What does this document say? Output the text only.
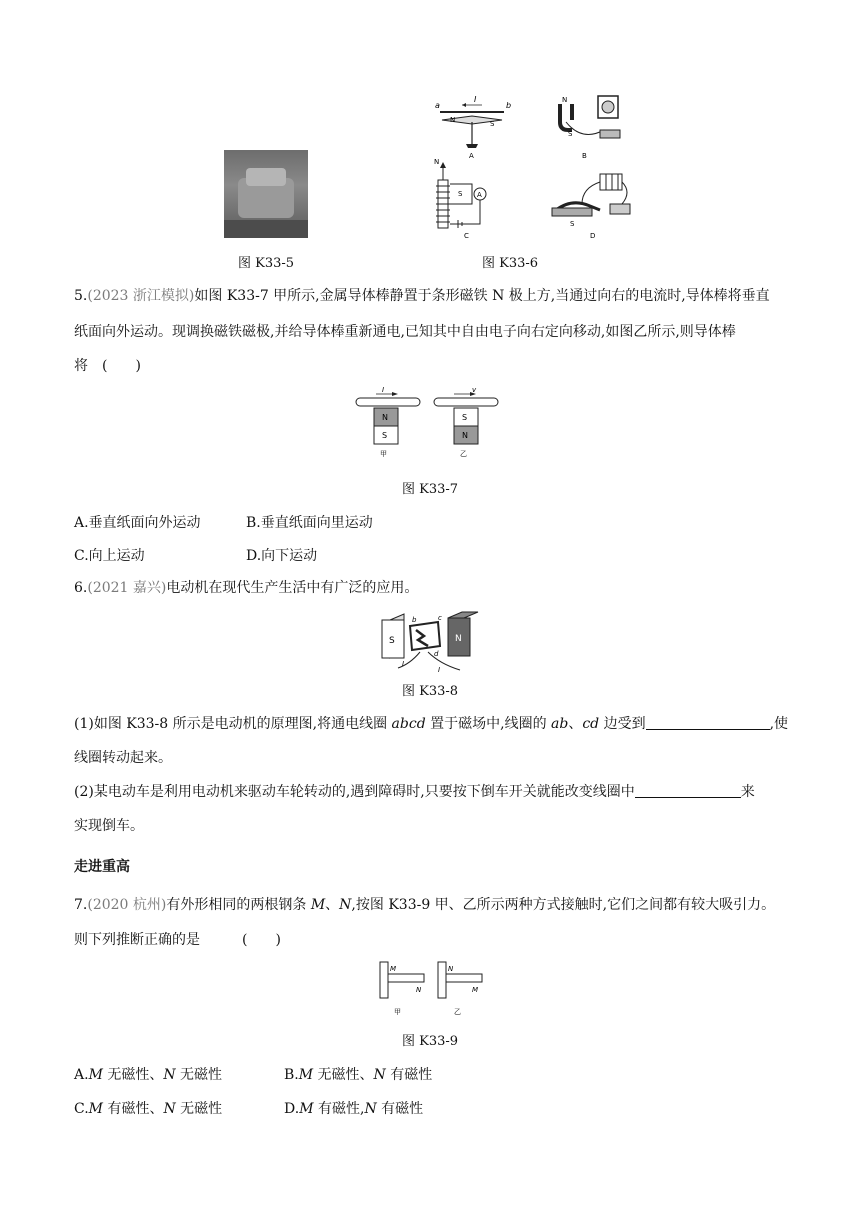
图 K33-5
a	b
I
N	S
A
N
S
B
N
S A
C
S
D
图 K33-6
5.(2023 浙江模拟)如图 K33-7 甲所示,金属导体棒静置于条形磁铁 N 极上方,当通过向右的电流时,导体棒将垂直
纸面向外运动。现调换磁铁磁极,并给导体棒重新通电,已知其中自由电子向右定向移动,如图乙所示,则导体棒
将　(　　)
I
N
S
甲
v
S
N
乙
图 K33-7
A.垂直纸面向外运动	B.垂直纸面向里运动
C.向上运动	D.向下运动
6.(2021 嘉兴)电动机在现代生产生活中有广泛的应用。
S	N
b	c
d
I
I
图 K33-8
(1)如图 K33-8 所示是电动机的原理图,将通电线圈 abcd 置于磁场中,线圈的 ab、cd 边受到	,使
线圈转动起来。
(2)某电动车是利用电动机来驱动车轮转动的,遇到障碍时,只要按下倒车开关就能改变线圈中	来
实现倒车。
走进重高
7.(2020 杭州)有外形相同的两根钢条 M、N,按图 K33-9 甲、乙所示两种方式接触时,它们之间都有较大吸引力。
则下列推断正确的是　　　(　　)
M
N
甲
N
M
乙
图 K33-9
A.M 无磁性、N 无磁性	B.M 无磁性、N 有磁性
C.M 有磁性、N 无磁性	D.M 有磁性,N 有磁性
